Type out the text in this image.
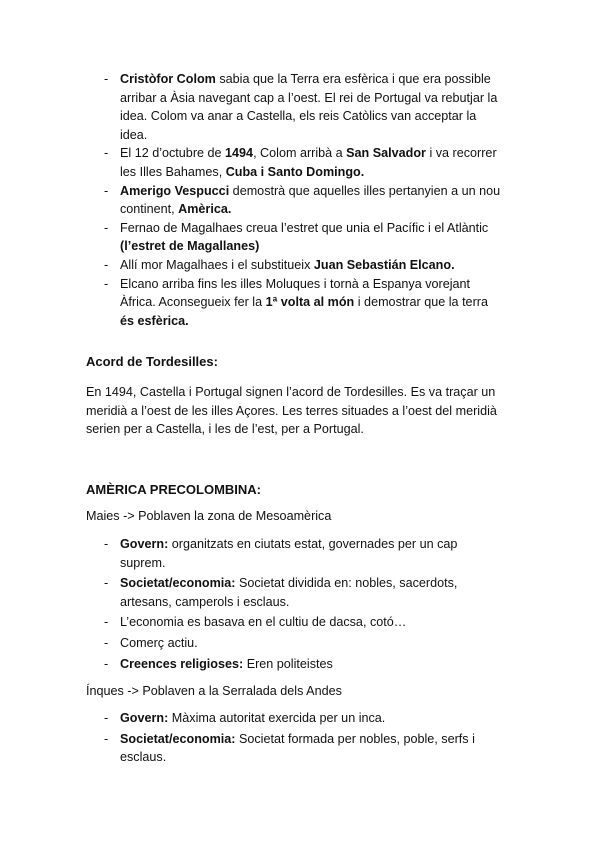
- Cristòfor Colom sabia que la Terra era esfèrica i que era possible arribar a Àsia navegant cap a l’oest. El rei de Portugal va rebutjar la idea. Colom va anar a Castella, els reis Catòlics van acceptar la idea.
- El 12 d’octubre de 1494, Colom arribà a San Salvador i va recorrer les Illes Bahames, Cuba i Santo Domingo.
- Amerigo Vespucci demostrà que aquelles illes pertanyien a un nou continent, Amèrica.
- Fernao de Magalhaes creua l’estret que unia el Pacífic i el Atlàntic (l’estret de Magallanes)
- Allí mor Magalhaes i el substitueix Juan Sebastián Elcano.
- Elcano arriba fins les illes Moluques i tornà a Espanya vorejant Àfrica. Aconsegueix fer la 1ª volta al món i demostrar que la terra és esfèrica.
Acord de Tordesilles:
En 1494, Castella i Portugal signen l’acord de Tordesilles. Es va traçar un meridià a l’oest de les illes Açores. Les terres situades a l’oest del meridià serien per a Castella, i les de l’est, per a Portugal.
AMÈRICA PRECOLOMBINA:
Maies -> Poblaven la zona de Mesoamèrica
- Govern: organitzats en ciutats estat, governades per un cap suprem.
- Societat/economia: Societat dividida en: nobles, sacerdots, artesans, camperols i esclaus.
- L’economia es basava en el cultiu de dacsa, cotó…
- Comerç actiu.
- Creences religioses: Eren politeistes
Ínques -> Poblaven a la Serralada dels Andes
- Govern: Màxima autoritat exercida per un inca.
- Societat/economia: Societat formada per nobles, poble, serfs i esclaus.
